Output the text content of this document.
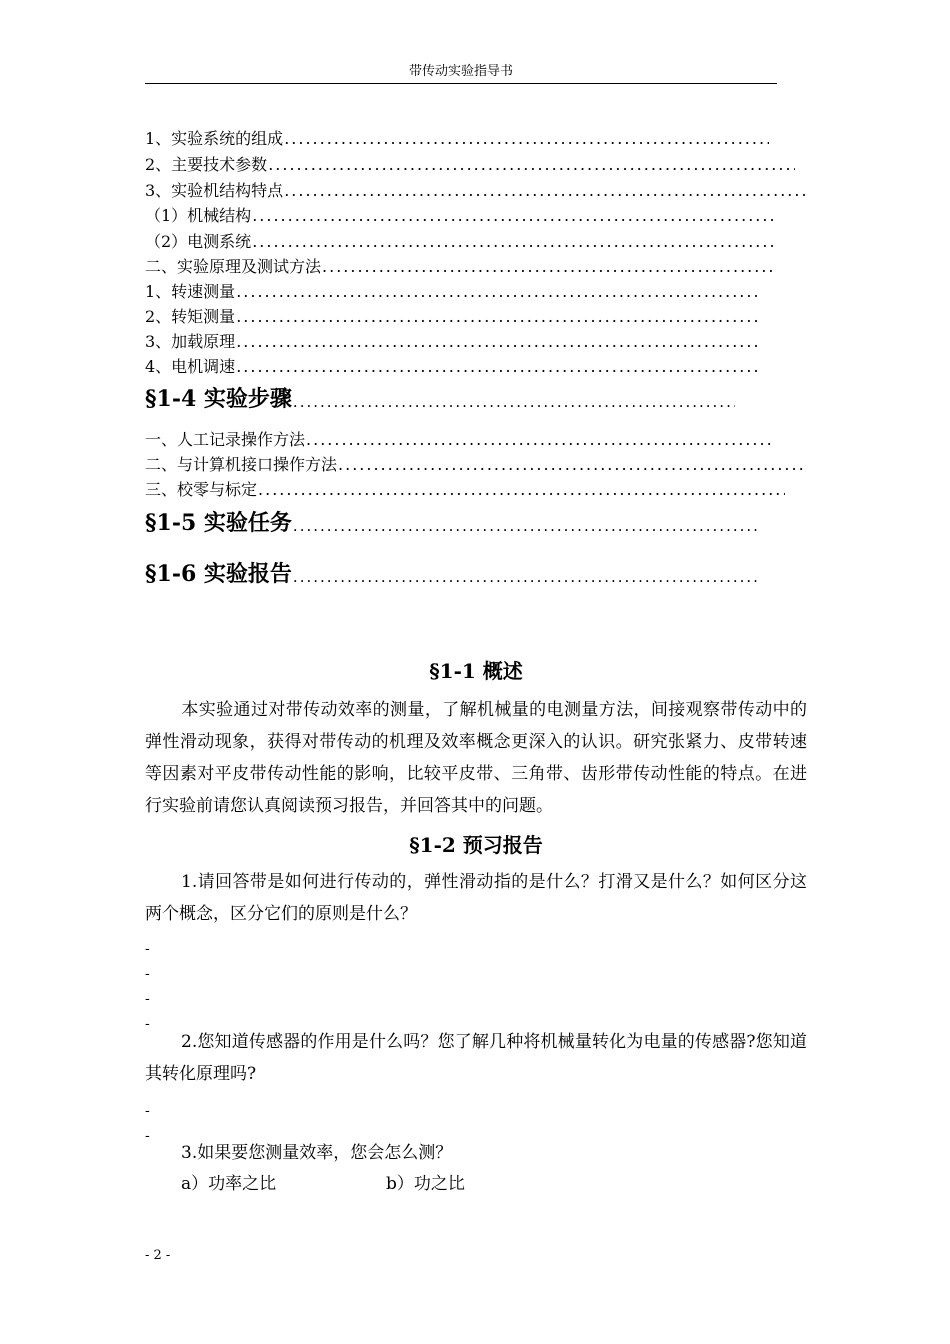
带传动实验指导书
1、实验系统的组成
.....
2、主要技术参数
.....
3、实验机结构特点
.....
（1）机械结构
.....
（2）电测系统
.....
二、实验原理及测试方法
.....
1、转速测量
.....
2、转矩测量
.....
3、加载原理
.....
4、电机调速
.....
§1-4 实验步骤
.....
一、人工记录操作方法
.....
二、与计算机接口操作方法
.....
三、校零与标定
.....
§1-5 实验任务
.....
§1-6 实验报告
.....
§1-1 概述
本实验通过对带传动效率的测量，了解机械量的电测量方法，间接观察带传动中的弹性滑动现象，获得对带传动的机理及效率概念更深入的认识。研究张紧力、皮带转速等因素对平皮带传动性能的影响，比较平皮带、三角带、齿形带传动性能的特点。在进行实验前请您认真阅读预习报告，并回答其中的问题。
§1-2 预习报告
1.请回答带是如何进行传动的，弹性滑动指的是什么？打滑又是什么？如何区分这两个概念，区分它们的原则是什么？
-
-
-
-
2.您知道传感器的作用是什么吗？您了解几种将机械量转化为电量的传感器?您知道其转化原理吗?
-
-
3.如果要您测量效率，您会怎么测？
a）功率之比	b）功之比
- 2 -
